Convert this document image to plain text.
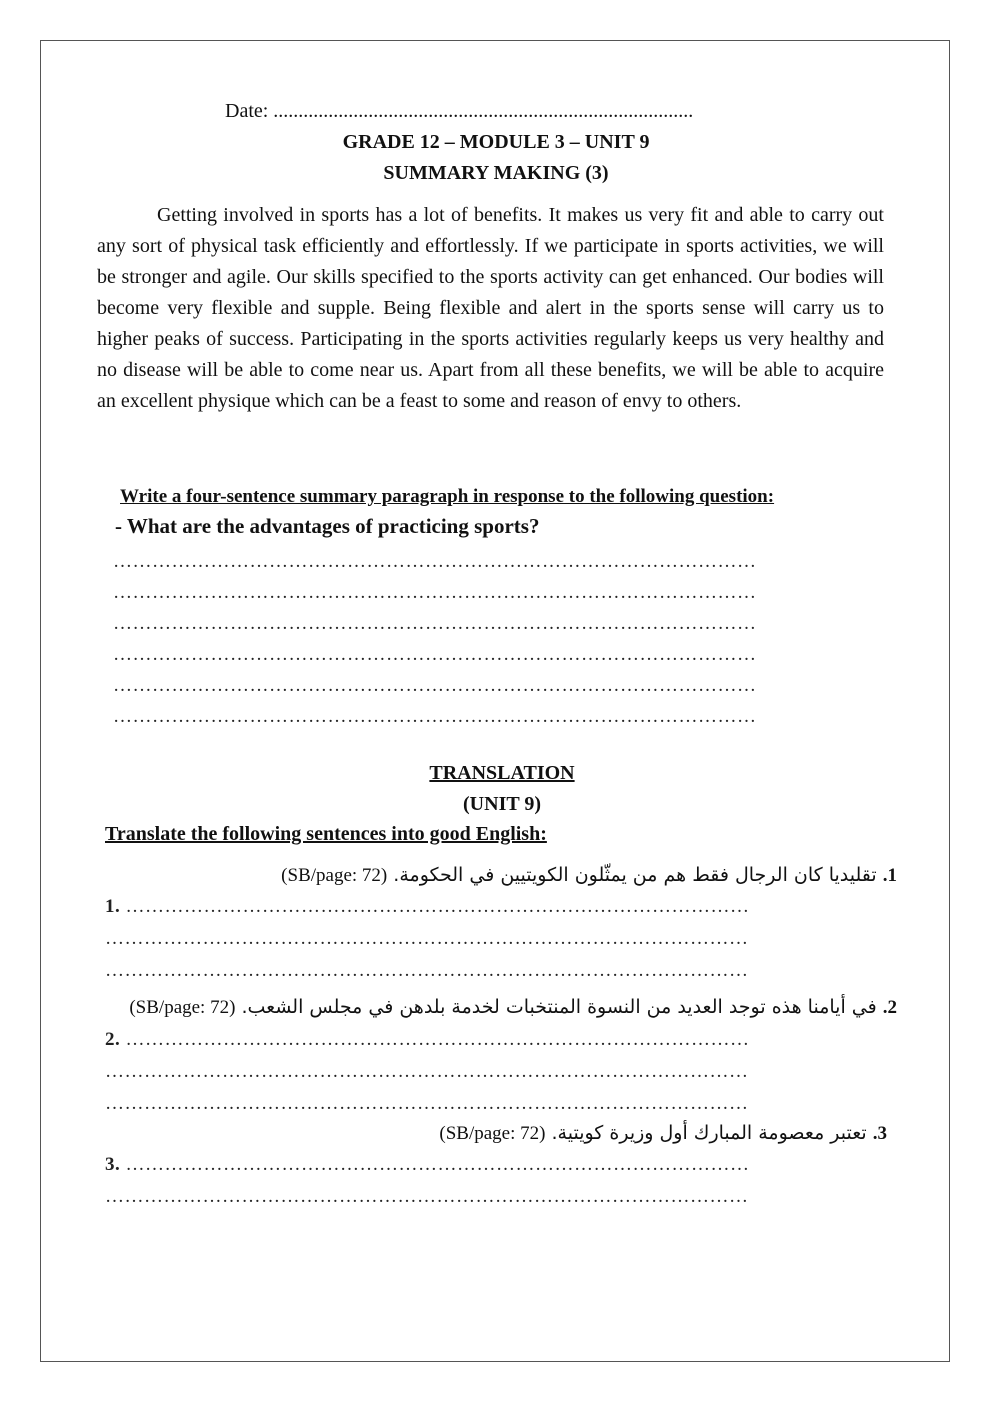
Date: ....................................................................................
GRADE 12 – MODULE 3 – UNIT 9
SUMMARY MAKING (3)

Getting involved in sports has a lot of benefits. It makes us very fit and able to carry out any sort of physical task efficiently and effortlessly. If we participate in sports activities, we will be stronger and agile. Our skills specified to the sports activity can get enhanced. Our bodies will become very flexible and supple. Being flexible and alert in the sports sense will carry us to higher peaks of success. Participating in the sports activities regularly keeps us very healthy and no disease will be able to come near us. Apart from all these benefits, we will be able to acquire an excellent physique which can be a feast to some and reason of envy to others.

Write a four-sentence summary paragraph in response to the following question:
- What are the advantages of practicing sports?
………………………………………………………………………………………
………………………………………………………………………………………
………………………………………………………………………………………
………………………………………………………………………………………
………………………………………………………………………………………
………………………………………………………………………………………
TRANSLATION
(UNIT 9)
Translate the following sentences into good English:
1. تقليديا كان الرجال فقط هم من يمثّلون الكويتيين في الحكومة. (SB/page: 72)
1. ……………………………………………………………………………………
………………………………………………………………………………………
………………………………………………………………………………………
2. في أيامنا هذه توجد العديد من النسوة المنتخبات لخدمة بلدهن في مجلس الشعب. (SB/page: 72)
2. ……………………………………………………………………………………
………………………………………………………………………………………
………………………………………………………………………………………
3. تعتبر معصومة المبارك أول وزيرة كويتية. (SB/page: 72)
3. ……………………………………………………………………………………
………………………………………………………………………………………
